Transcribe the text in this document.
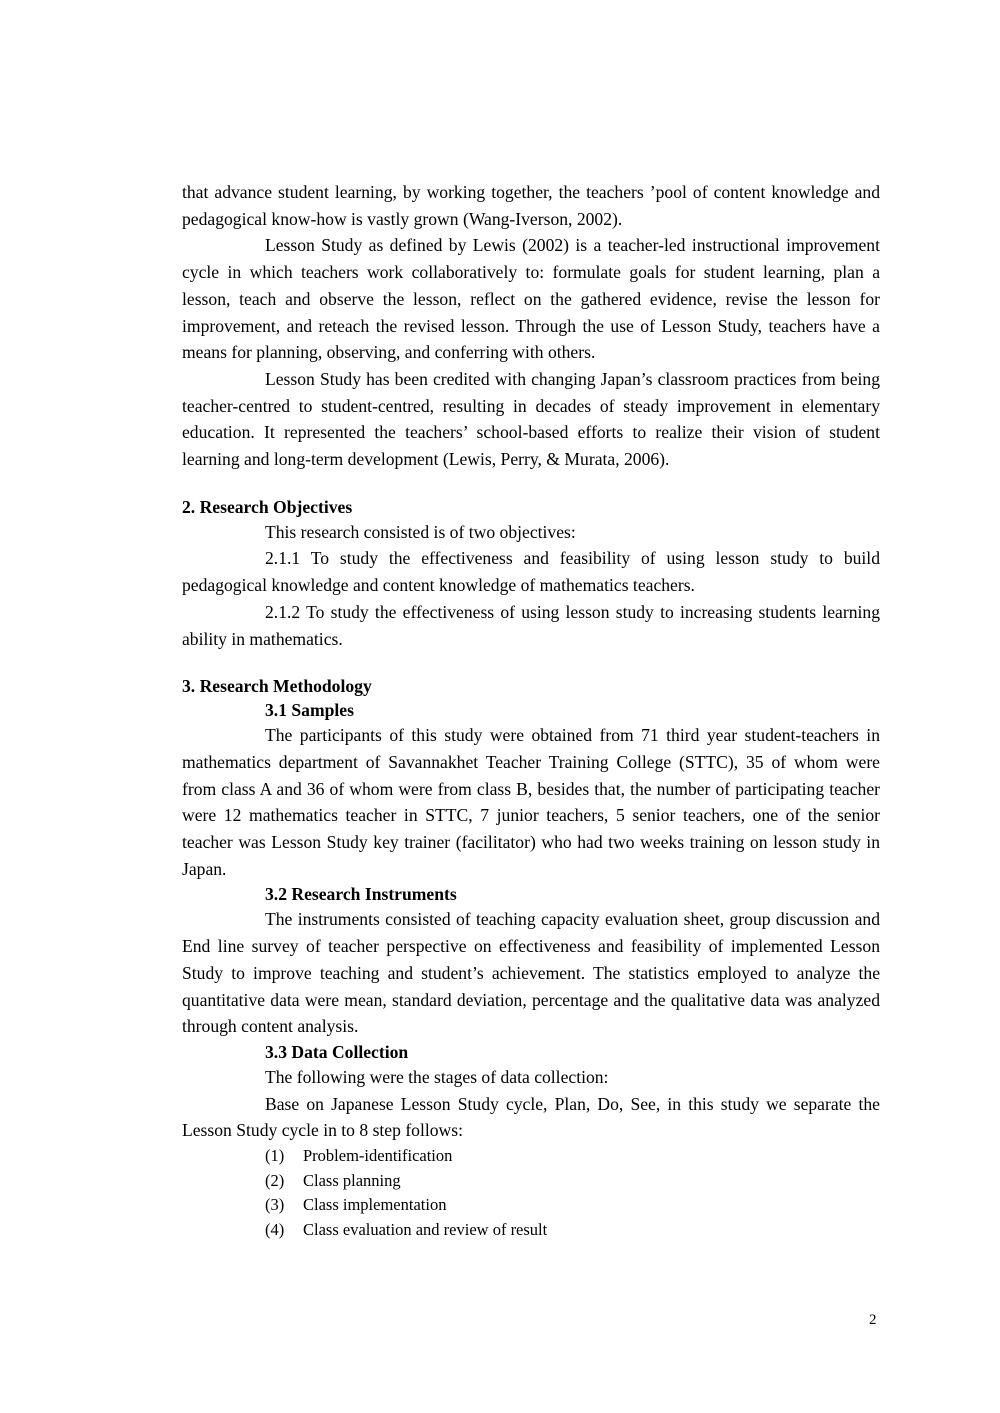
that advance student learning, by working together, the teachers ’pool of content knowledge and pedagogical know-how is vastly grown (Wang-Iverson, 2002).

Lesson Study as defined by Lewis (2002) is a teacher-led instructional improvement cycle in which teachers work collaboratively to: formulate goals for student learning, plan a lesson, teach and observe the lesson, reflect on the gathered evidence, revise the lesson for improvement, and reteach the revised lesson. Through the use of Lesson Study, teachers have a means for planning, observing, and conferring with others.

Lesson Study has been credited with changing Japan’s classroom practices from being teacher-centred to student-centred, resulting in decades of steady improvement in elementary education. It represented the teachers’ school-based efforts to realize their vision of student learning and long-term development (Lewis, Perry, & Murata, 2006).

2. Research Objectives

This research consisted is of two objectives:

2.1.1 To study the effectiveness and feasibility of using lesson study to build pedagogical knowledge and content knowledge of mathematics teachers.

2.1.2 To study the effectiveness of using lesson study to increasing students learning ability in mathematics.

3. Research Methodology

3.1 Samples

The participants of this study were obtained from 71 third year student-teachers in mathematics department of Savannakhet Teacher Training College (STTC), 35 of whom were from class A and 36 of whom were from class B, besides that, the number of participating teacher were 12 mathematics teacher in STTC, 7 junior teachers, 5 senior teachers, one of the senior teacher was Lesson Study key trainer (facilitator) who had two weeks training on lesson study in Japan.

3.2 Research Instruments

The instruments consisted of teaching capacity evaluation sheet, group discussion and End line survey of teacher perspective on effectiveness and feasibility of implemented Lesson Study to improve teaching and student’s achievement. The statistics employed to analyze the quantitative data were mean, standard deviation, percentage and the qualitative data was analyzed through content analysis.

3.3 Data Collection

The following were the stages of data collection:

Base on Japanese Lesson Study cycle, Plan, Do, See, in this study we separate the Lesson Study cycle in to 8 step follows:

(1)	Problem-identification
(2)	Class planning
(3)	Class implementation
(4)	Class evaluation and review of result
2
